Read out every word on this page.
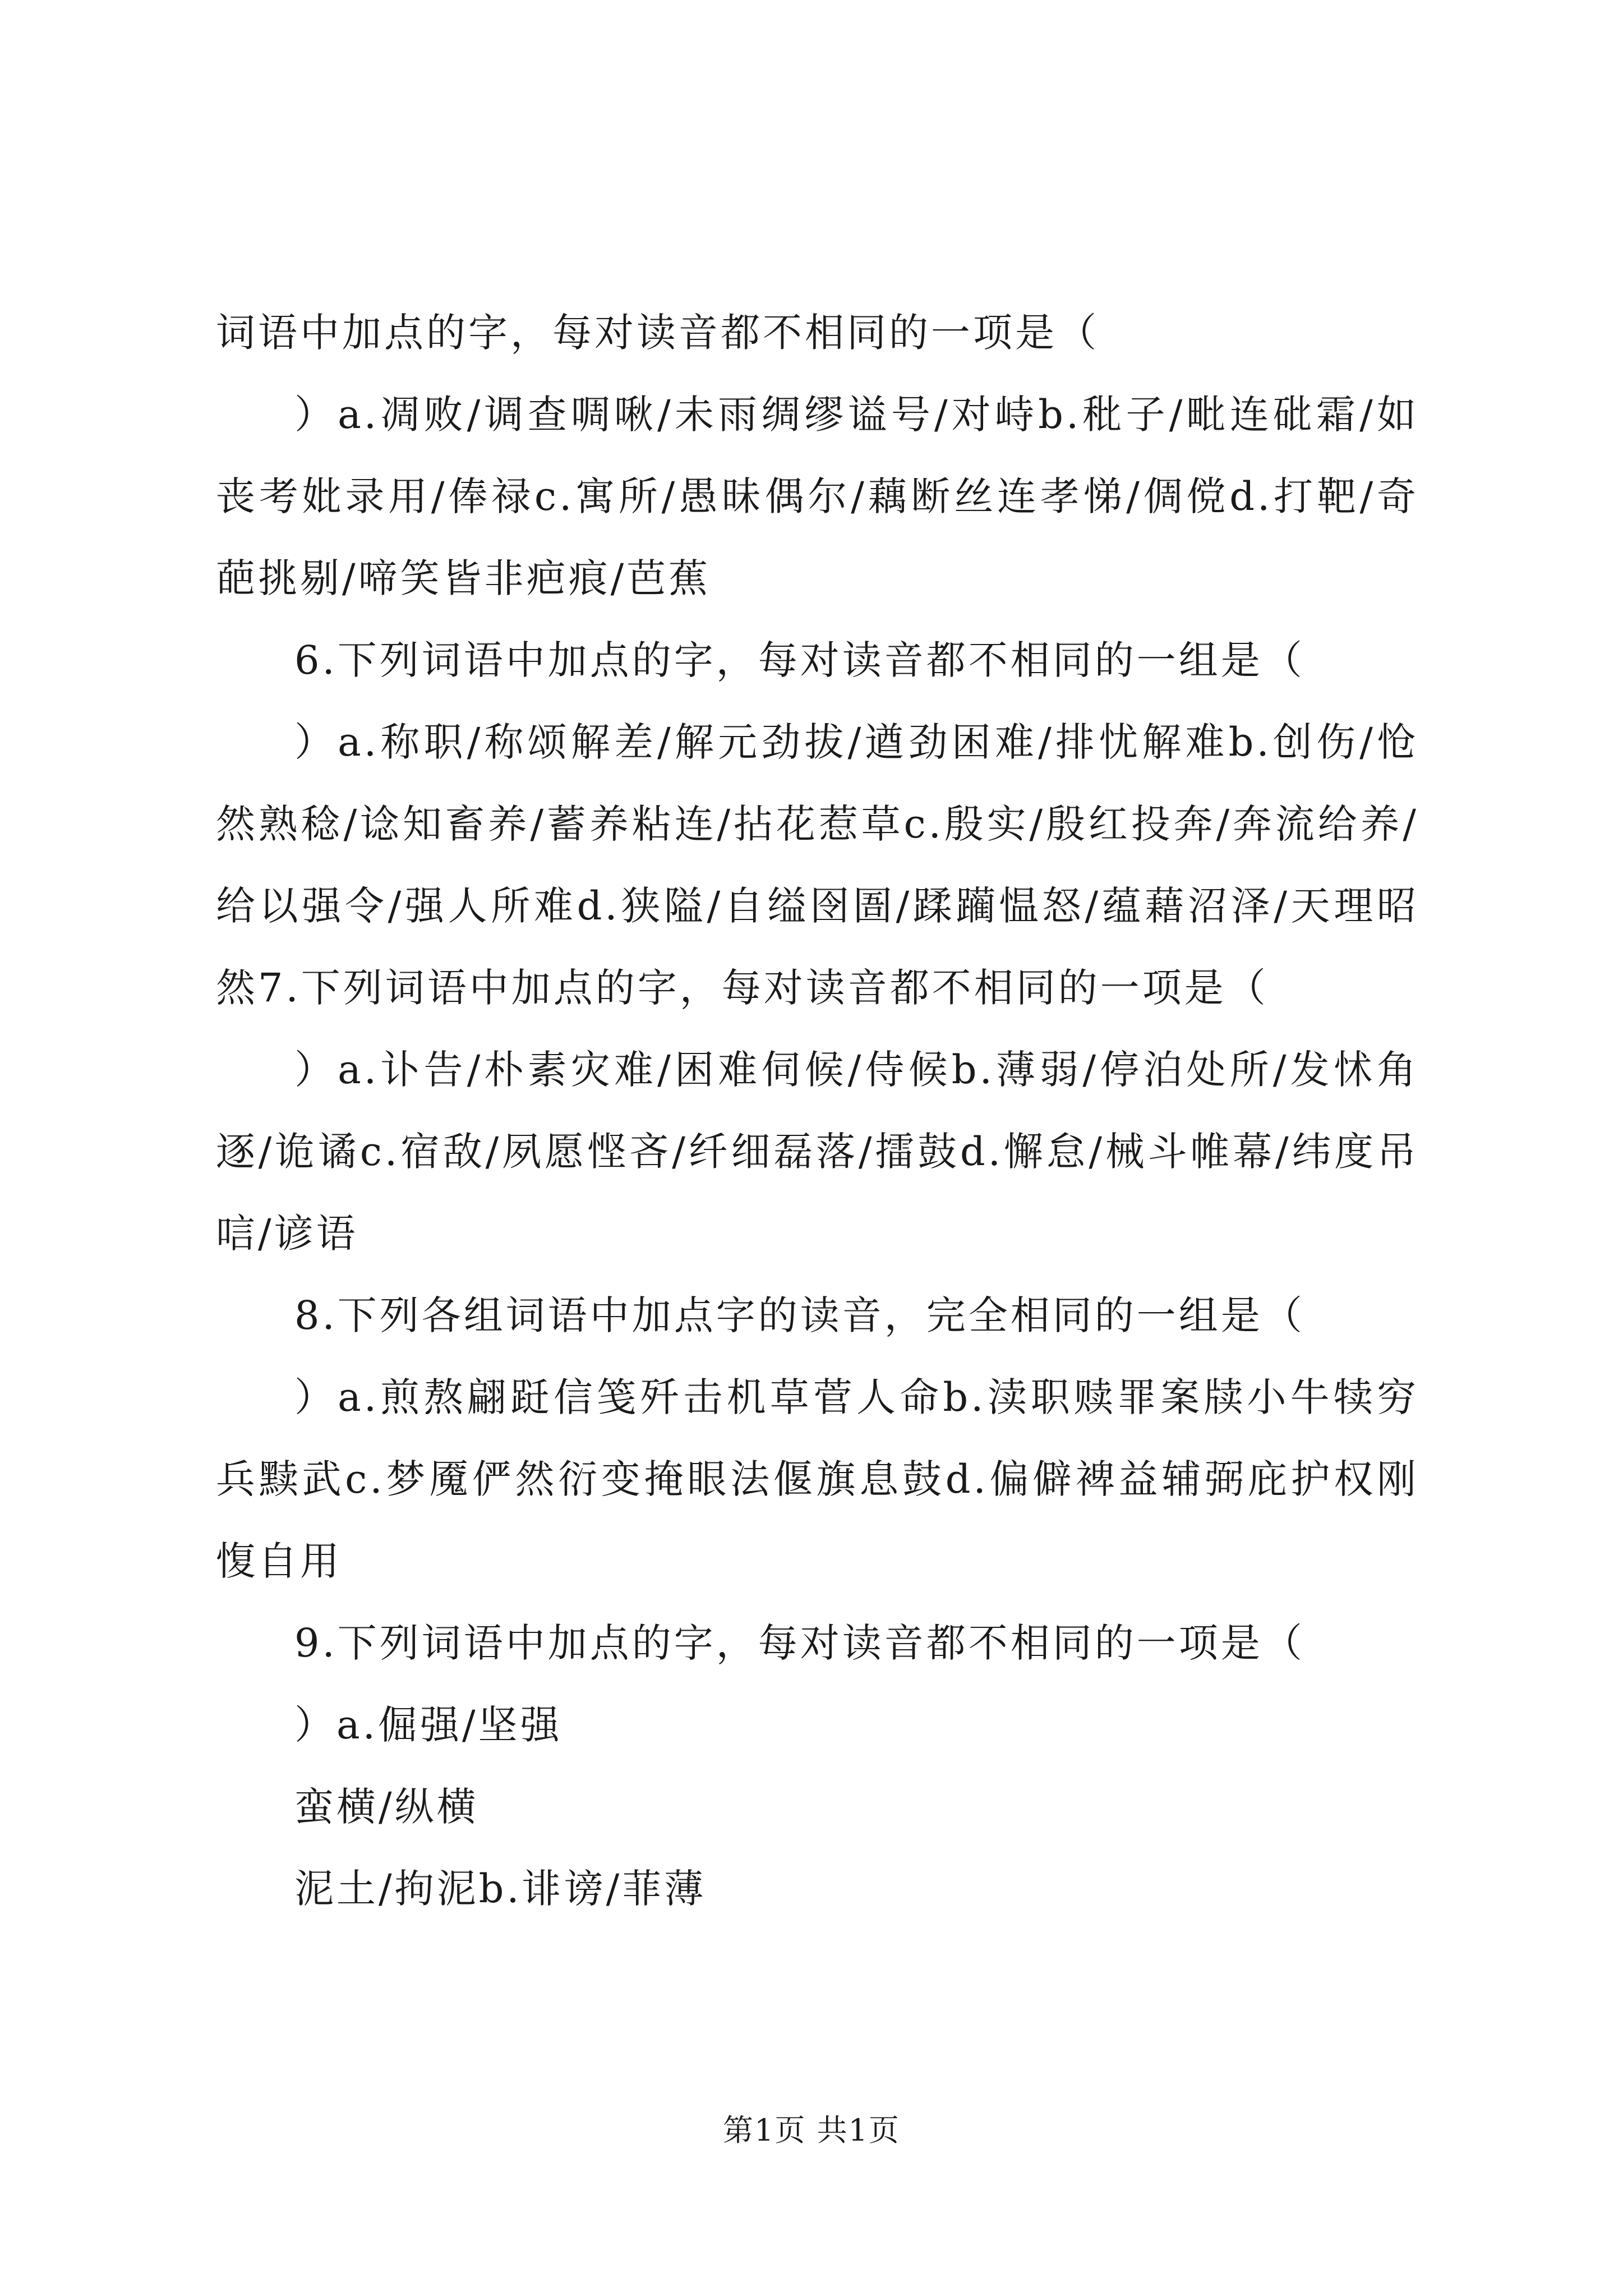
词语中加点的字，每对读音都不相同的一项是（

）a.凋败/调查啁啾/未雨绸缪谥号/对峙b.秕子/毗连砒霜/如丧考妣录用/俸禄c.寓所/愚昧偶尔/藕断丝连孝悌/倜傥d.打靶/奇葩挑剔/啼笑皆非疤痕/芭蕉

6.下列词语中加点的字，每对读音都不相同的一组是（

）a.称职/称颂解差/解元劲拔/遒劲困难/排忧解难b.创伤/怆然熟稔/谂知畜养/蓄养粘连/拈花惹草c.殷实/殷红投奔/奔流给养/给以强令/强人所难d.狭隘/自缢囹圄/蹂躏愠怒/蕴藉沼泽/天理昭然7.下列词语中加点的字，每对读音都不相同的一项是（

）a.讣告/朴素灾难/困难伺候/侍候b.薄弱/停泊处所/发怵角逐/诡谲c.宿敌/夙愿悭吝/纤细磊落/擂鼓d.懈怠/械斗帷幕/纬度吊唁/谚语

8.下列各组词语中加点字的读音，完全相同的一组是（

）a.煎熬翩跹信笺歼击机草菅人命b.渎职赎罪案牍小牛犊穷兵黩武c.梦魇俨然衍变掩眼法偃旗息鼓d.偏僻裨益辅弼庇护权刚愎自用

9.下列词语中加点的字，每对读音都不相同的一项是（

）a.倔强/坚强

蛮横/纵横

泥土/拘泥b.诽谤/菲薄

第1页 共1页
